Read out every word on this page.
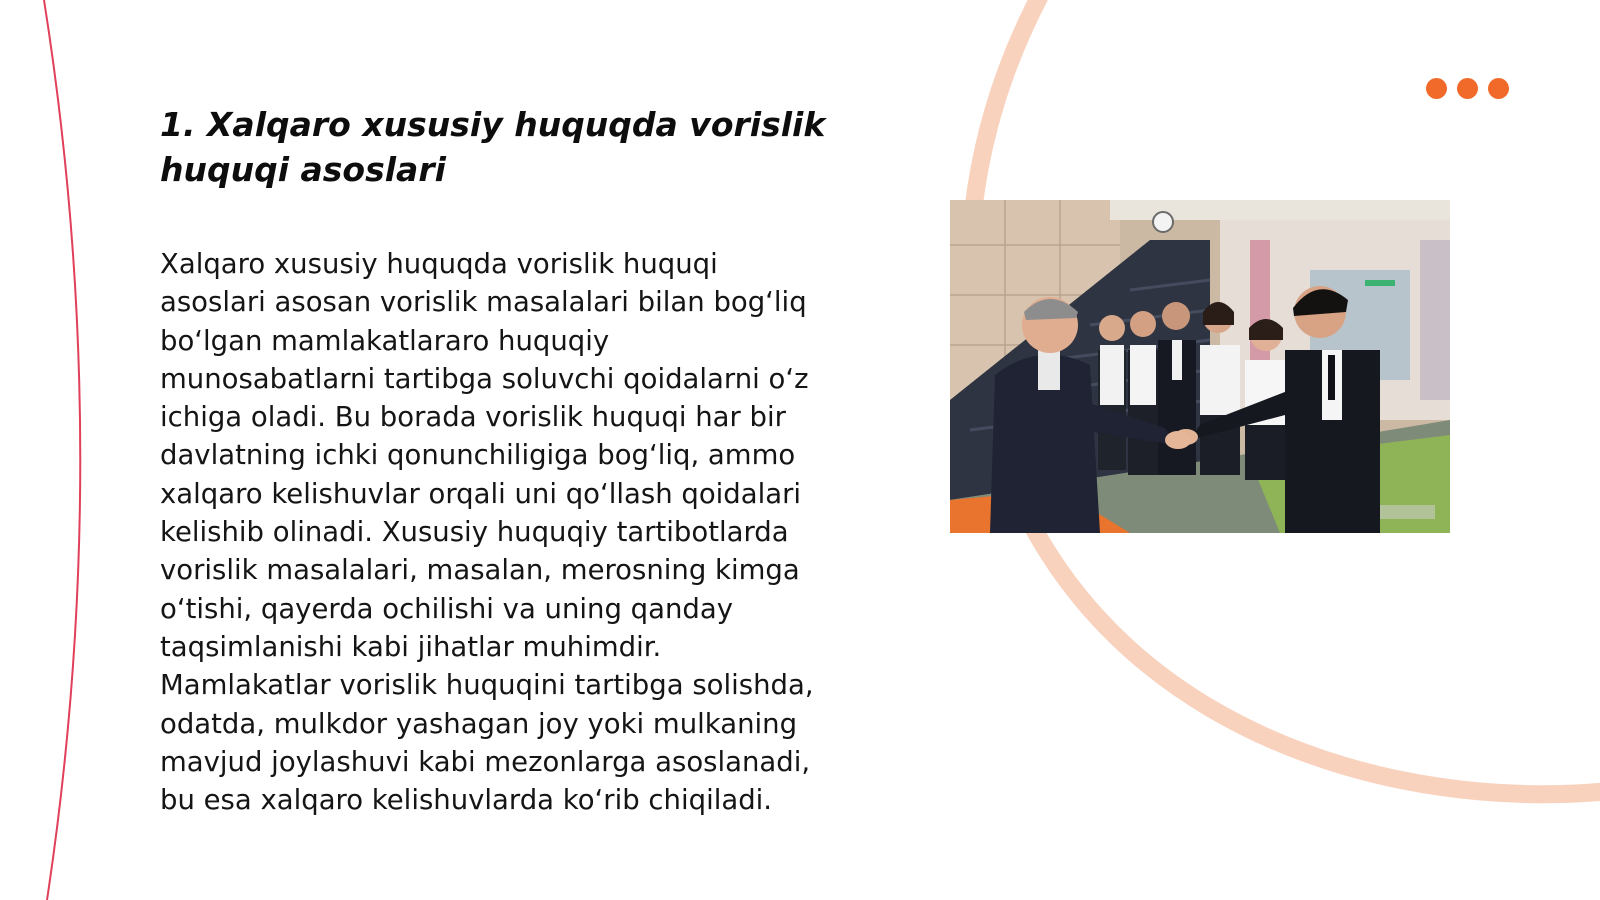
1. Xalqaro xususiy huquqda vorislik huquqi asoslari

Xalqaro xususiy huquqda vorislik huquqi asoslari asosan vorislik masalalari bilan bog‘liq bo‘lgan mamlakatlararo huquqiy munosabatlarni tartibga soluvchi qoidalarni o‘z ichiga oladi. Bu borada vorislik huquqi har bir davlatning ichki qonunchiligiga bog‘liq, ammo xalqaro kelishuvlar orqali uni qo‘llash qoidalari kelishib olinadi. Xususiy huquqiy tartibotlarda vorislik masalalari, masalan, merosning kimga o‘tishi, qayerda ochilishi va uning qanday taqsimlanishi kabi jihatlar muhimdir. Mamlakatlar vorislik huquqini tartibga solishda, odatda, mulkdor yashagan joy yoki mulkaning mavjud joylashuvi kabi mezonlarga asoslanadi, bu esa xalqaro kelishuvlarda ko‘rib chiqiladi.
